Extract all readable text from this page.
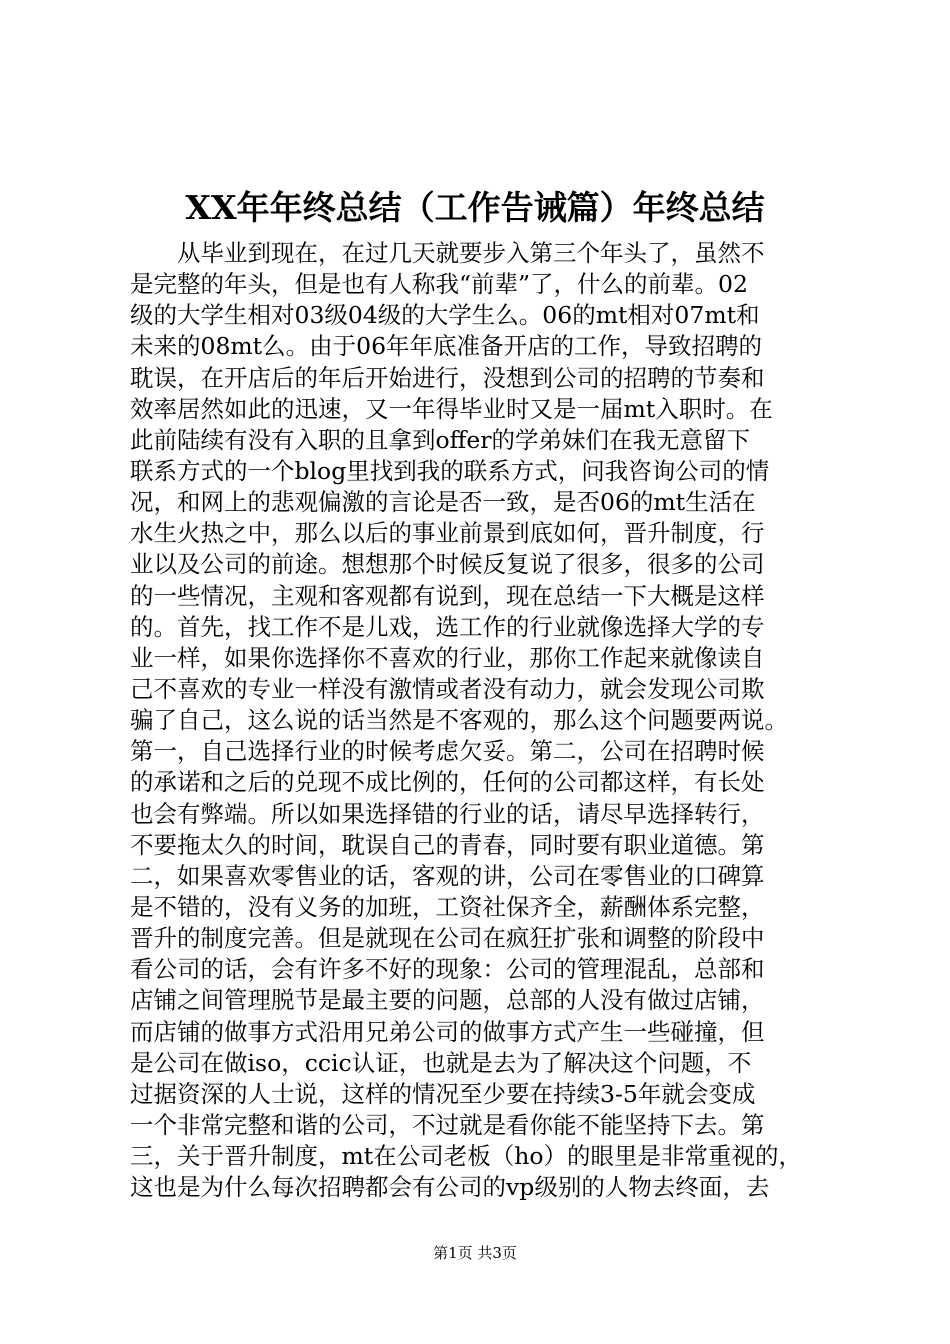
XX年年终总结（工作告诫篇）年终总结
　　从毕业到现在，在过几天就要步入第三个年头了，虽然不
是完整的年头，但是也有人称我“前辈”了，什么的前辈。02
级的大学生相对03级04级的大学生么。06的mt相对07mt和
未来的08mt么。由于06年年底准备开店的工作，导致招聘的
耽误，在开店后的年后开始进行，没想到公司的招聘的节奏和
效率居然如此的迅速，又一年得毕业时又是一届mt入职时。在
此前陆续有没有入职的且拿到offer的学弟妹们在我无意留下
联系方式的一个blog里找到我的联系方式，问我咨询公司的情
况，和网上的悲观偏激的言论是否一致，是否06的mt生活在
水生火热之中，那么以后的事业前景到底如何，晋升制度，行
业以及公司的前途。想想那个时候反复说了很多，很多的公司
的一些情况，主观和客观都有说到，现在总结一下大概是这样
的。首先，找工作不是儿戏，选工作的行业就像选择大学的专
业一样，如果你选择你不喜欢的行业，那你工作起来就像读自
己不喜欢的专业一样没有激情或者没有动力，就会发现公司欺
骗了自己，这么说的话当然是不客观的，那么这个问题要两说。
第一，自己选择行业的时候考虑欠妥。第二，公司在招聘时候
的承诺和之后的兑现不成比例的，任何的公司都这样，有长处
也会有弊端。所以如果选择错的行业的话，请尽早选择转行，
不要拖太久的时间，耽误自己的青春，同时要有职业道德。第
二，如果喜欢零售业的话，客观的讲，公司在零售业的口碑算
是不错的，没有义务的加班，工资社保齐全，薪酬体系完整，
晋升的制度完善。但是就现在公司在疯狂扩张和调整的阶段中
看公司的话，会有许多不好的现象：公司的管理混乱，总部和
店铺之间管理脱节是最主要的问题，总部的人没有做过店铺，
而店铺的做事方式沿用兄弟公司的做事方式产生一些碰撞，但
是公司在做iso，ccic认证，也就是去为了解决这个问题，不
过据资深的人士说，这样的情况至少要在持续3-5年就会变成
一个非常完整和谐的公司，不过就是看你能不能坚持下去。第
三，关于晋升制度，mt在公司老板（ho）的眼里是非常重视的，
这也是为什么每次招聘都会有公司的vp级别的人物去终面，去
第1页 共3页
